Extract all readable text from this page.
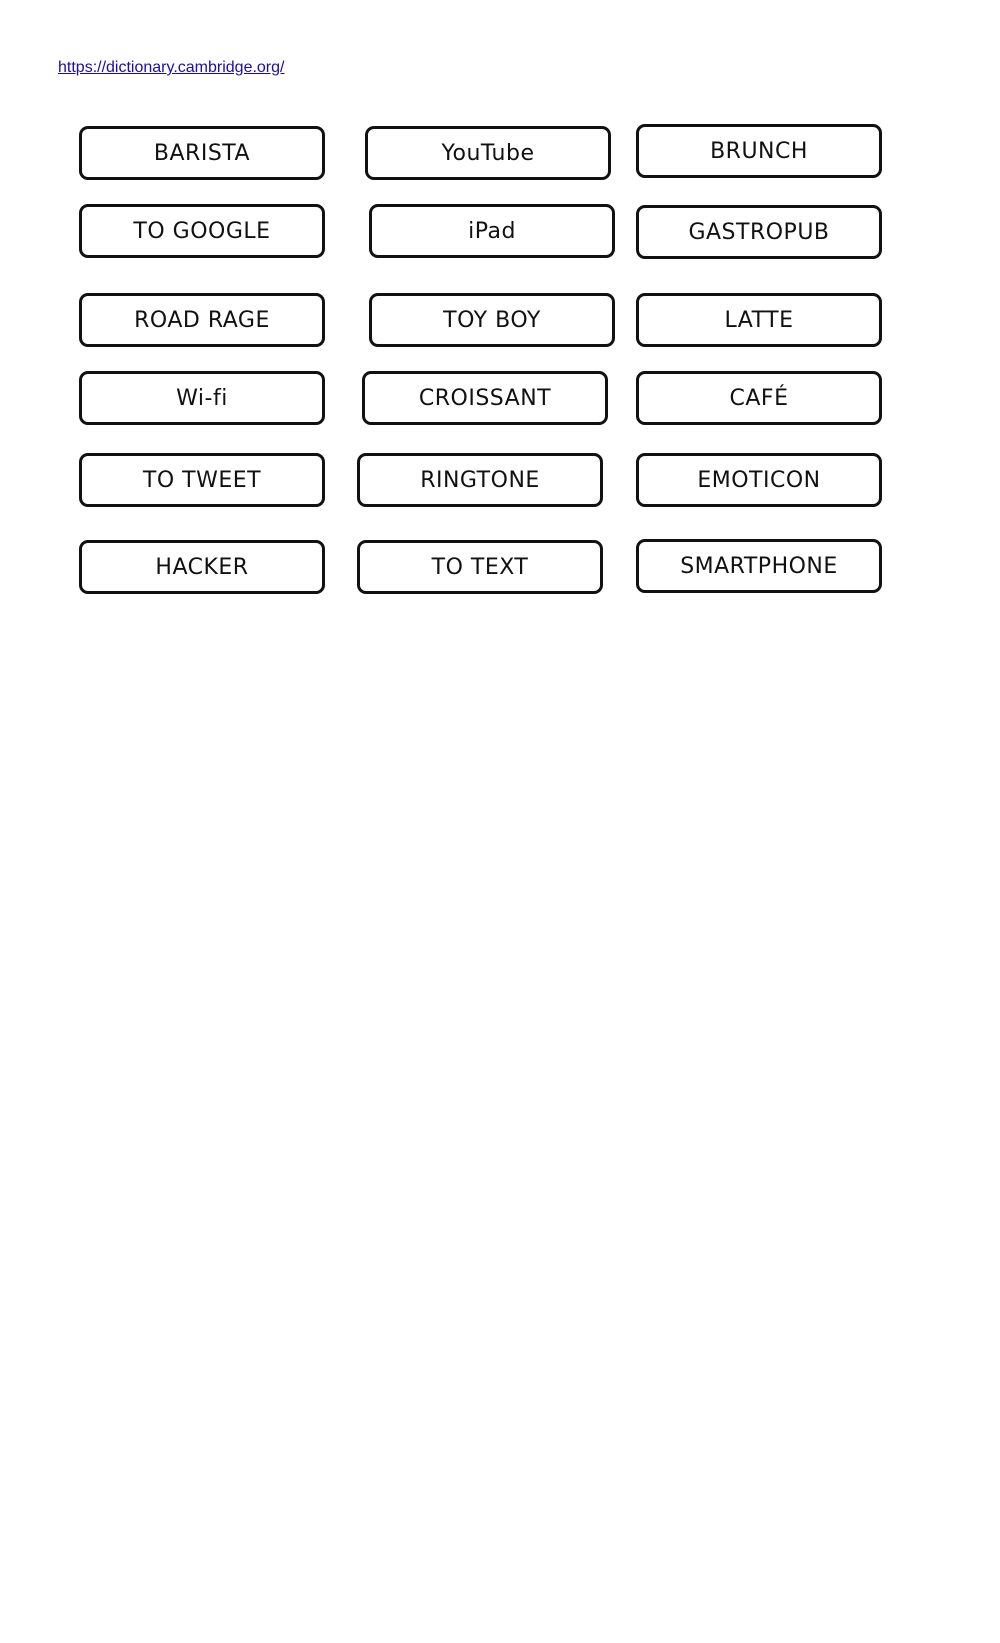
https://dictionary.cambridge.org/
BARISTA	YouTube	BRUNCH
TO GOOGLE	iPad	GASTROPUB
ROAD RAGE	TOY BOY	LATTE
Wi-fi	CROISSANT	CAFÉ
TO TWEET	RINGTONE	EMOTICON
HACKER	TO TEXT	SMARTPHONE
